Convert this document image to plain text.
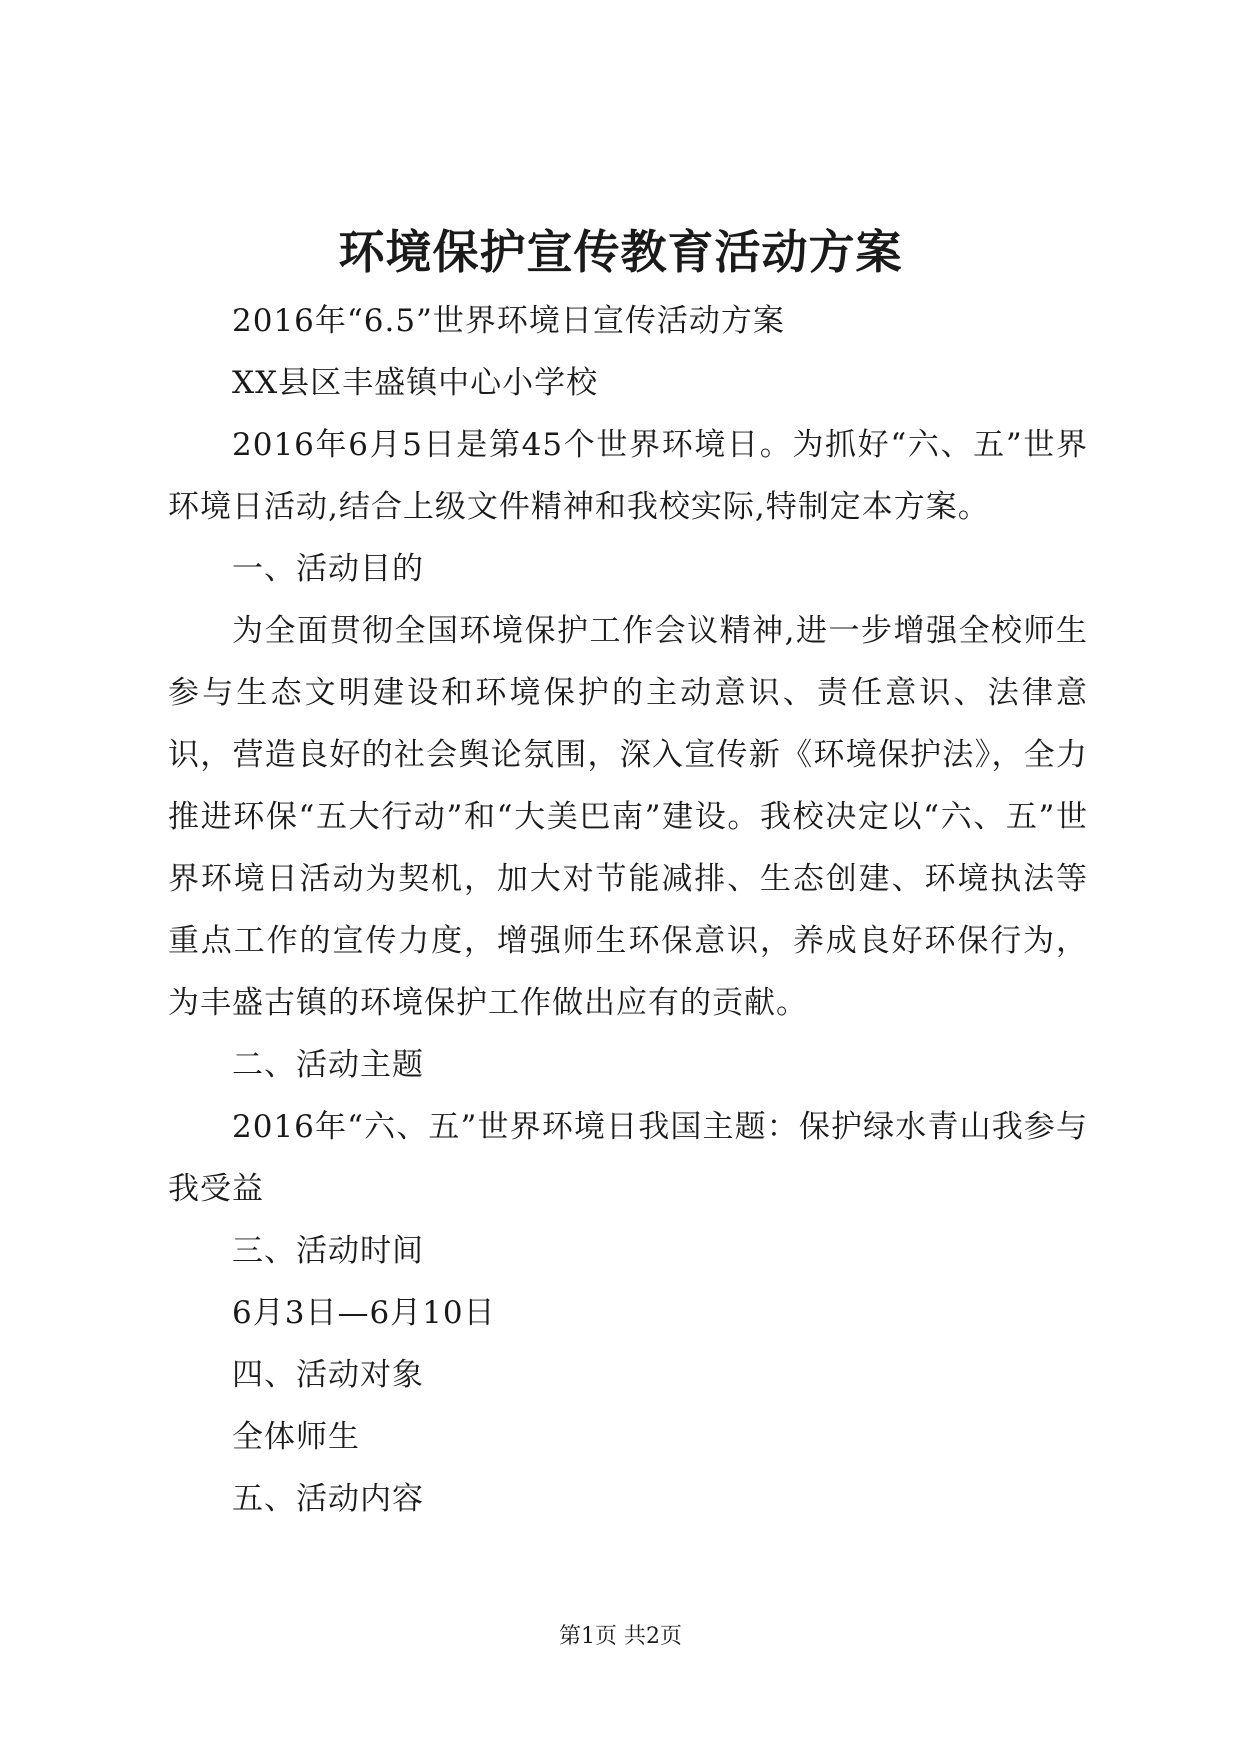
环境保护宣传教育活动方案

2016年“6.5”世界环境日宣传活动方案

XX县区丰盛镇中心小学校

2016年6月5日是第45个世界环境日。为抓好“六、五”世界环境日活动,结合上级文件精神和我校实际,特制定本方案。

一、活动目的

为全面贯彻全国环境保护工作会议精神,进一步增强全校师生参与生态文明建设和环境保护的主动意识、责任意识、法律意识，营造良好的社会舆论氛围，深入宣传新《环境保护法》，全力推进环保“五大行动”和“大美巴南”建设。我校决定以“六、五”世界环境日活动为契机，加大对节能减排、生态创建、环境执法等重点工作的宣传力度，增强师生环保意识，养成良好环保行为，为丰盛古镇的环境保护工作做出应有的贡献。

二、活动主题

2016年“六、五”世界环境日我国主题：保护绿水青山我参与我受益

三、活动时间

6月3日—6月10日

四、活动对象

全体师生

五、活动内容

第1页 共2页
